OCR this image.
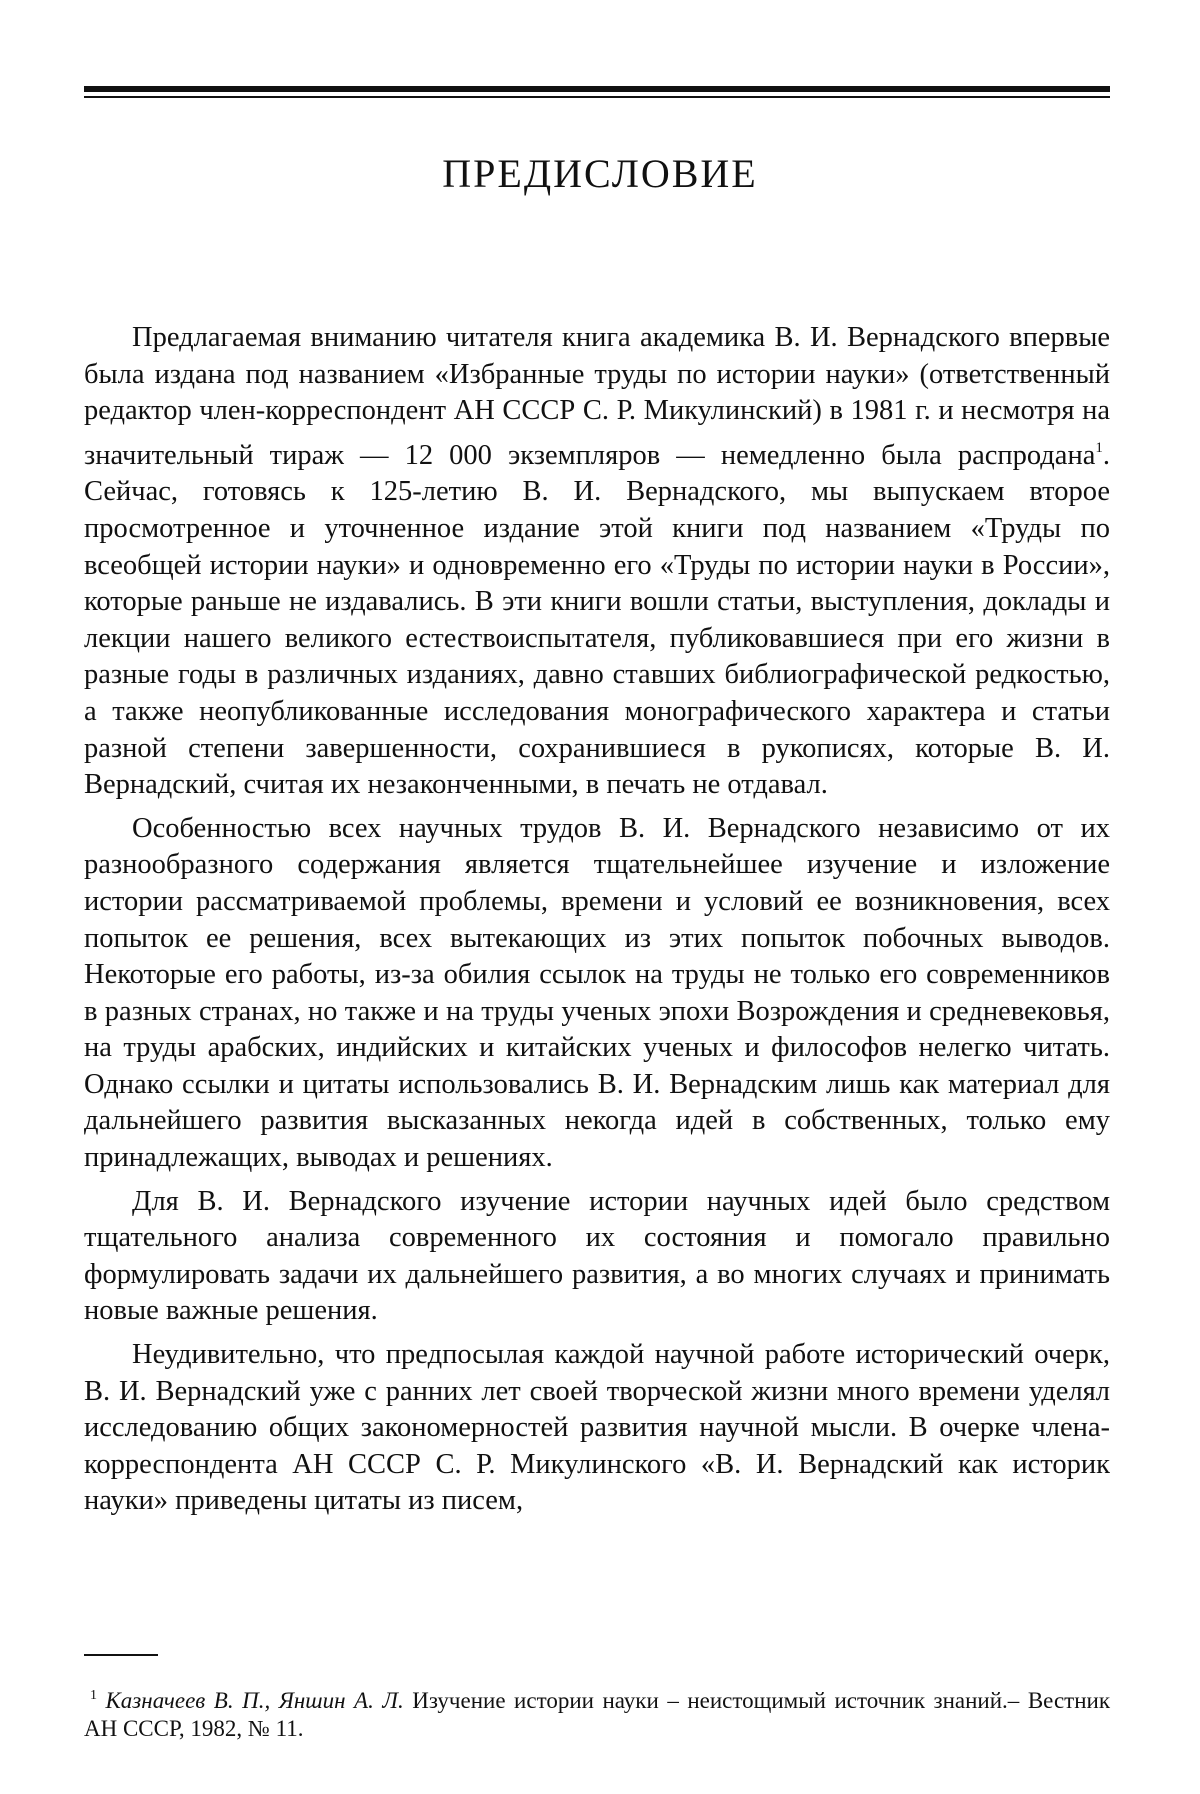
ПРЕДИСЛОВИЕ

Предлагаемая вниманию читателя книга академика В. И. Вернадского впервые была издана под названием «Избранные труды по истории науки» (ответственный редактор член-корреспондент АН СССР С. Р. Микулинский) в 1981 г. и несмотря на значительный тираж — 12 000 экземпляров — немедленно была распродана$^1$. Сейчас, готовясь к 125-летию В. И. Вернадского, мы выпускаем второе просмотренное и уточненное издание этой книги под названием «Труды по всеобщей истории науки» и одновременно его «Труды по истории науки в России», которые раньше не издавались. В эти книги вошли статьи, выступления, доклады и лекции нашего великого естествоиспытателя, публиковавшиеся при его жизни в разные годы в различных изданиях, давно ставших библиографической редкостью, а также неопубликованные исследования монографического характера и статьи разной степени завершенности, сохранившиеся в рукописях, которые В. И. Вернадский, считая их незаконченными, в печать не отдавал.

Особенностью всех научных трудов В. И. Вернадского независимо от их разнообразного содержания является тщательнейшее изучение и изложение истории рассматриваемой проблемы, времени и условий ее возникновения, всех попыток ее решения, всех вытекающих из этих попыток побочных выводов. Некоторые его работы, из-за обилия ссылок на труды не только его современников в разных странах, но также и на труды ученых эпохи Возрождения и средневековья, на труды арабских, индийских и китайских ученых и философов нелегко читать. Однако ссылки и цитаты использовались В. И. Вернадским лишь как материал для дальнейшего развития высказанных некогда идей в собственных, только ему принадлежащих, выводах и решениях.

Для В. И. Вернадского изучение истории научных идей было средством тщательного анализа современного их состояния и помогало правильно формулировать задачи их дальнейшего развития, а во многих случаях и принимать новые важные решения.

Неудивительно, что предпосылая каждой научной работе исторический очерк, В. И. Вернадский уже с ранних лет своей творческой жизни много времени уделял исследованию общих закономерностей развития научной мысли. В очерке члена-корреспондента АН СССР С. Р. Микулинского «В. И. Вернадский как историк науки» приведены цитаты из писем,

$^1$ Казначеев В. П., Яншин А. Л. Изучение истории науки – неистощимый источник знаний.– Вестник АН СССР, 1982, № 11.
